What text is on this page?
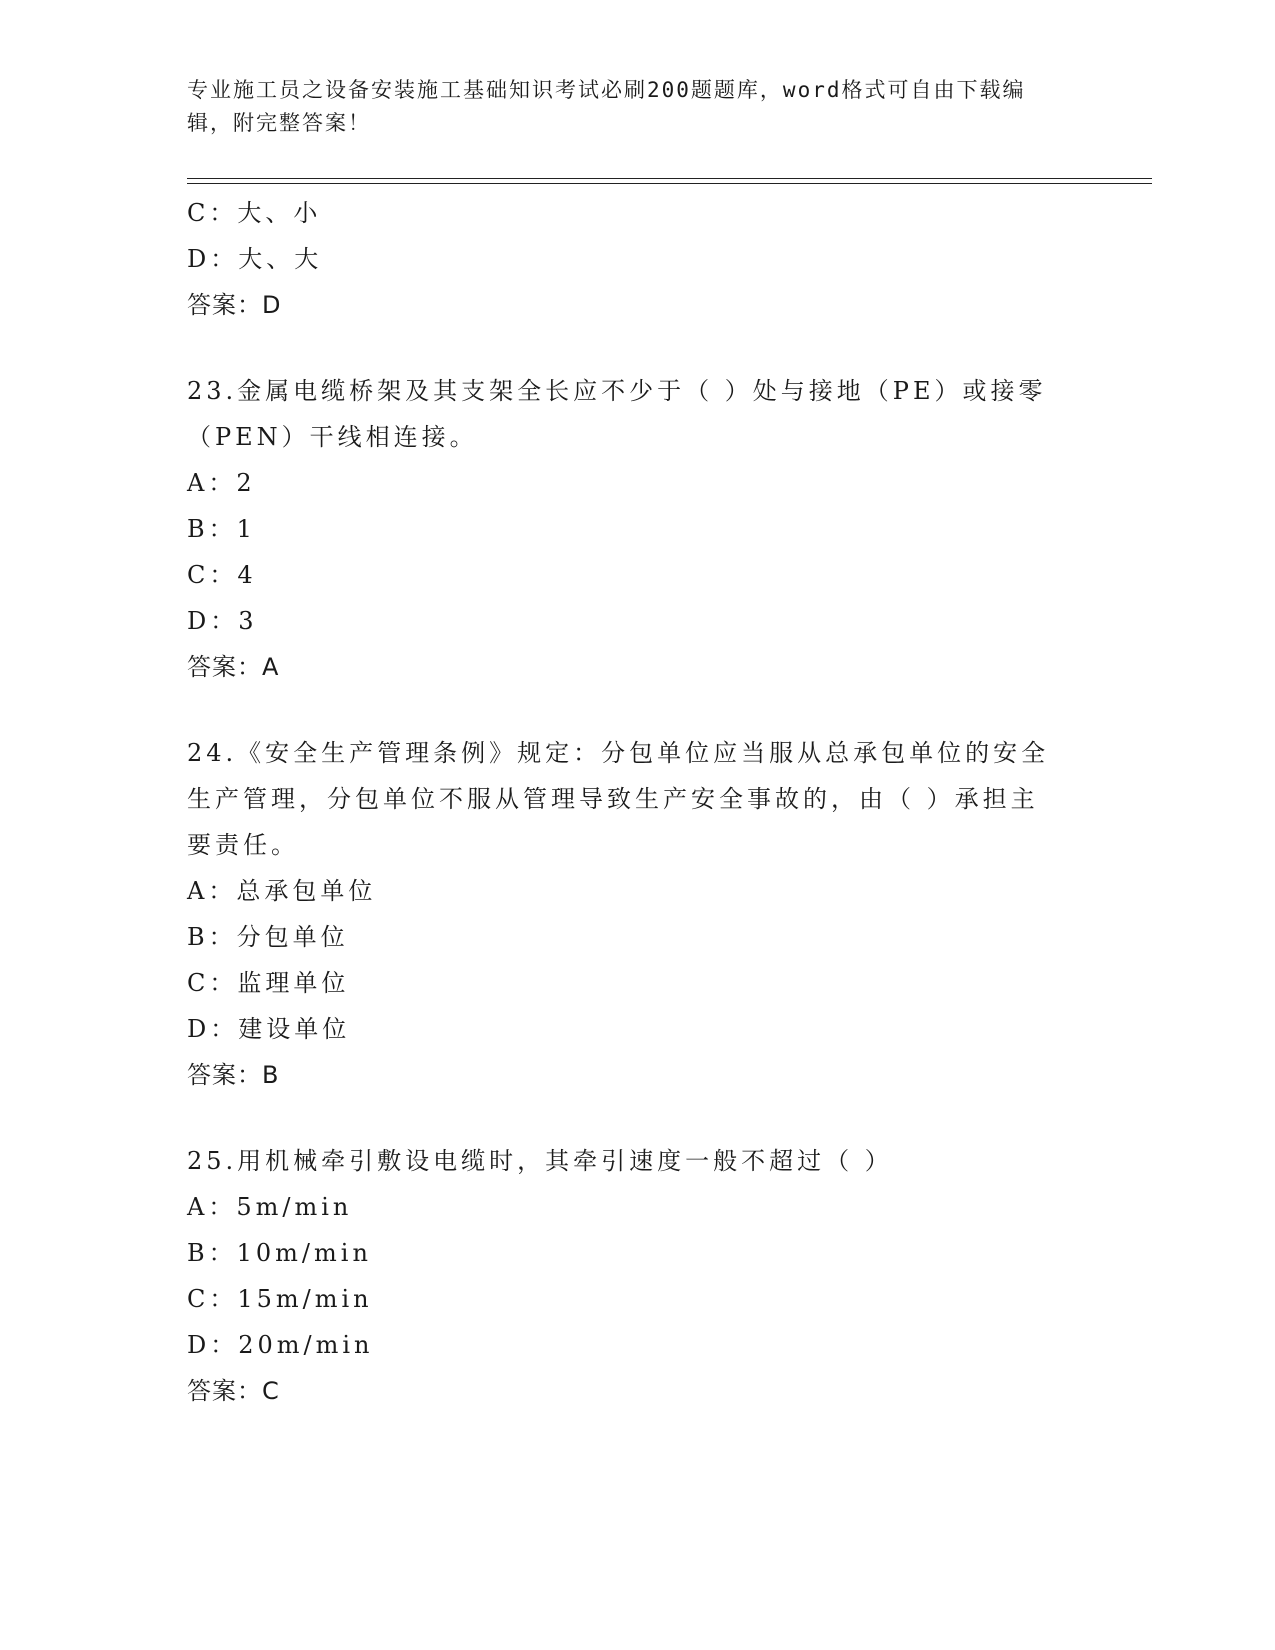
专业施工员之设备安装施工基础知识考试必刷200题题库，word格式可自由下载编辑，附完整答案！
C：大、小
D：大、大
答案：D
23.金属电缆桥架及其支架全长应不少于（ ）处与接地（PE）或接零
（PEN）干线相连接。
A：2
B：1
C：4
D：3
答案：A
24.《安全生产管理条例》规定：分包单位应当服从总承包单位的安全
生产管理，分包单位不服从管理导致生产安全事故的，由（ ）承担主
要责任。
A：总承包单位
B：分包单位
C：监理单位
D：建设单位
答案：B
25.用机械牵引敷设电缆时，其牵引速度一般不超过（ ）
A：5m/min
B：10m/min
C：15m/min
D：20m/min
答案：C
